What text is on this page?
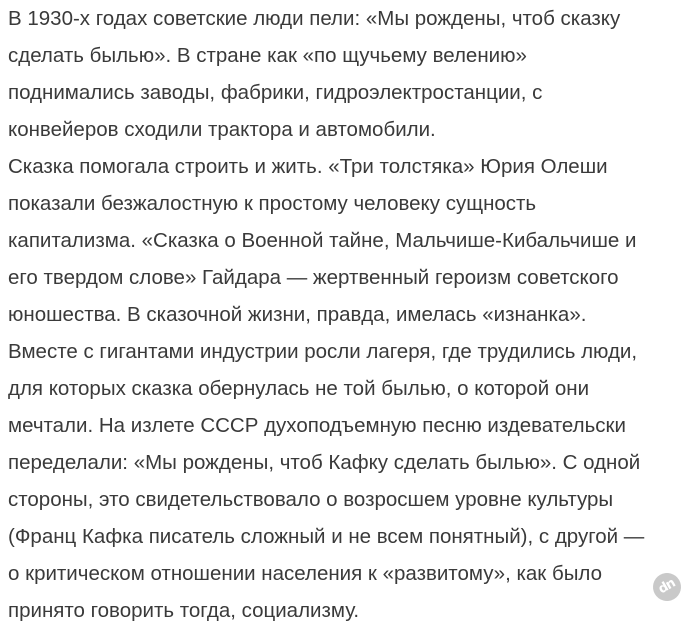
В 1930-х годах советские люди пели: «Мы рождены, чтоб сказку
сделать былью». В стране как «по щучьему велению»
поднимались заводы, фабрики, гидроэлектростанции, с
конвейеров сходили трактора и автомобили.
Сказка помогала строить и жить. «Три толстяка» Юрия Олеши
показали безжалостную к простому человеку сущность
капитализма. «Сказка о Военной тайне, Мальчише-Кибальчише и
его твердом слове» Гайдара — жертвенный героизм советского
юношества. В сказочной жизни, правда, имелась «изнанка».
Вместе с гигантами индустрии росли лагеря, где трудились люди,
для которых сказка обернулась не той былью, о которой они
мечтали. На излете СССР духоподъемную песню издевательски
переделали: «Мы рождены, чтоб Кафку сделать былью». С одной
стороны, это свидетельствовало о возросшем уровне культуры
(Франц Кафка писатель сложный и не всем понятный), с другой —
о критическом отношении населения к «развитому», как было
принято говорить тогда, социализму.
dn
